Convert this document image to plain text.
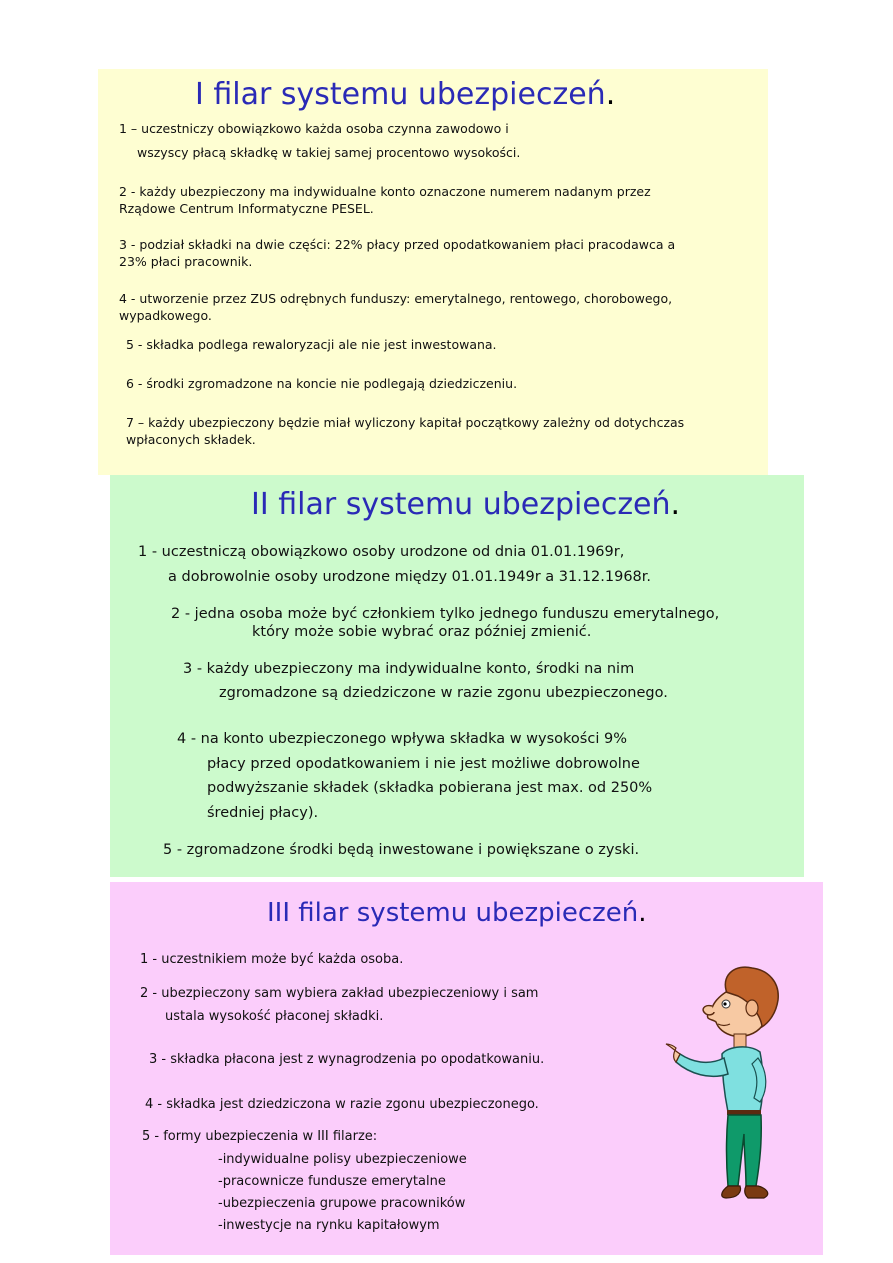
I filar systemu ubezpieczeń.
1 – uczestniczy obowiązkowo każda osoba czynna zawodowo i
wszyscy płacą składkę w takiej samej procentowo wysokości.
2 - każdy ubezpieczony ma indywidualne konto oznaczone numerem nadanym przez
Rządowe Centrum Informatyczne PESEL.
3 - podział składki na dwie części: 22% płacy przed opodatkowaniem płaci pracodawca a
23% płaci pracownik.
4 - utworzenie przez ZUS odrębnych funduszy: emerytalnego, rentowego, chorobowego,
wypadkowego.
5 - składka podlega rewaloryzacji ale nie jest inwestowana.
6 - środki zgromadzone na koncie nie podlegają dziedziczeniu.
7 – każdy ubezpieczony będzie miał wyliczony kapitał początkowy zależny od dotychczas
wpłaconych składek.
II filar systemu ubezpieczeń.
1 - uczestniczą obowiązkowo osoby urodzone od dnia 01.01.1969r,
a dobrowolnie osoby urodzone między 01.01.1949r a 31.12.1968r.
2 - jedna osoba może być członkiem tylko jednego funduszu emerytalnego,
który może sobie wybrać oraz później zmienić.
3 - każdy ubezpieczony ma indywidualne konto, środki na nim
zgromadzone są dziedziczone w razie zgonu ubezpieczonego.
4 - na konto ubezpieczonego wpływa składka w wysokości 9%
płacy przed opodatkowaniem i nie jest możliwe dobrowolne
podwyższanie składek (składka pobierana jest max. od 250%
średniej płacy).
5 - zgromadzone środki będą inwestowane i powiększane o zyski.
III filar systemu ubezpieczeń.
1 - uczestnikiem może być każda osoba.
2 - ubezpieczony sam wybiera zakład ubezpieczeniowy i sam
ustala wysokość płaconej składki.
3 - składka płacona jest z wynagrodzenia po opodatkowaniu.
4 - składka jest dziedziczona w razie zgonu ubezpieczonego.
5 - formy ubezpieczenia w III filarze:
-indywidualne polisy ubezpieczeniowe
-pracownicze fundusze emerytalne
-ubezpieczenia grupowe pracowników
-inwestycje na rynku kapitałowym
